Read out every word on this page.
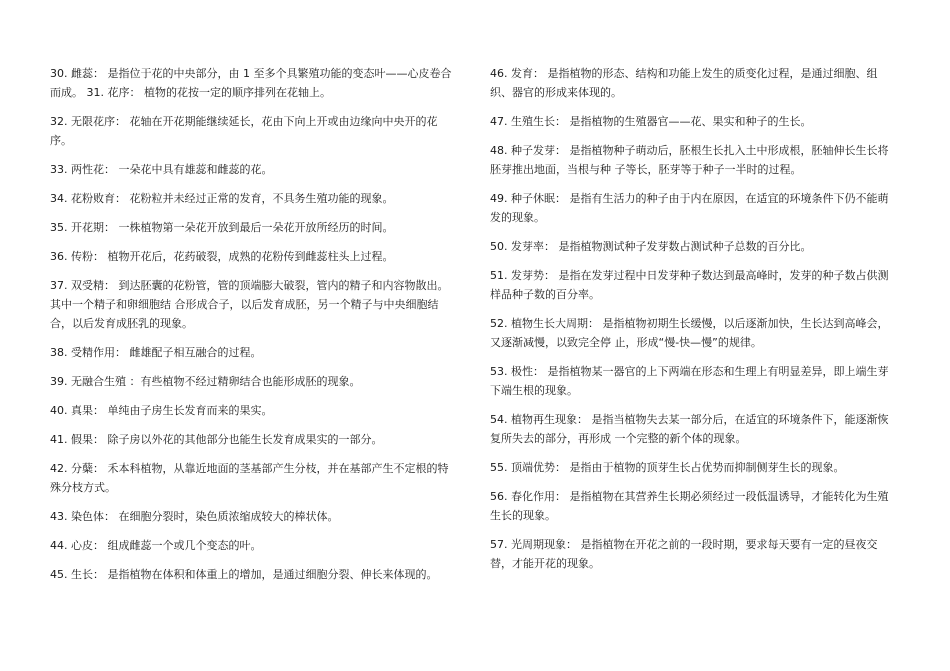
30. 雌蕊： 是指位于花的中央部分，由 1 至多个具繁殖功能的变态叶——心皮卷合而成。 31. 花序： 植物的花按一定的顺序排列在花轴上。

32. 无限花序： 花轴在开花期能继续延长，花由下向上开或由边缘向中央开的花序。

33. 两性花： 一朵花中具有雄蕊和雌蕊的花。

34. 花粉败育： 花粉粒并未经过正常的发育，不具务生殖功能的现象。

35. 开花期： 一株植物第一朵花开放到最后一朵花开放所经历的时间。

36. 传粉： 植物开花后，花药破裂，成熟的花粉传到雌蕊柱头上过程。

37. 双受精： 到达胚囊的花粉管，管的顶端膨大破裂，管内的精子和内容物散出。其中一个精子和卵细胞结 合形成合子，以后发育成胚，另一个精子与中央细胞结合，以后发育成胚乳的现象。

38. 受精作用： 雌雄配子相互融合的过程。

39. 无融合生殖 ：有些植物不经过精卵结合也能形成胚的现象。

40. 真果： 单纯由子房生长发育而来的果实。

41. 假果： 除子房以外花的其他部分也能生长发育成果实的一部分。

42. 分蘖： 禾本科植物，从靠近地面的茎基部产生分枝，并在基部产生不定根的特殊分枝方式。

43. 染色体： 在细胞分裂时，染色质浓缩成较大的棒状体。

44. 心皮： 组成雌蕊一个或几个变态的叶。

45. 生长： 是指植物在体积和体重上的增加，是通过细胞分裂、伸长来体现的。

46. 发育： 是指植物的形态、结构和功能上发生的质变化过程，是通过细胞、组织、器官的形成来体现的。

47. 生殖生长： 是指植物的生殖器官——花、果实和种子的生长。

48. 种子发芽： 是指植物种子萌动后，胚根生长扎入土中形成根，胚轴伸长生长将胚芽推出地面，当根与种 子等长，胚芽等于种子一半时的过程。

49. 种子休眠： 是指有生活力的种子由于内在原因，在适宜的环境条件下仍不能萌发的现象。

50. 发芽率： 是指植物测试种子发芽数占测试种子总数的百分比。

51. 发芽势： 是指在发芽过程中日发芽种子数达到最高峰时，发芽的种子数占供测样品种子数的百分率。

52. 植物生长大周期： 是指植物初期生长缓慢，以后逐渐加快，生长达到高峰会，又逐渐减慢，以致完全停 止，形成“慢-快—慢”的规律。

53. 极性： 是指植物某一器官的上下两端在形态和生理上有明显差异，即上端生芽下端生根的现象。

54. 植物再生现象： 是指当植物失去某一部分后，在适宜的环境条件下，能逐渐恢复所失去的部分，再形成 一个完整的新个体的现象。

55. 顶端优势： 是指由于植物的顶芽生长占优势而抑制侧芽生长的现象。

56. 春化作用： 是指植物在其营养生长期必须经过一段低温诱导，才能转化为生殖生长的现象。

57. 光周期现象： 是指植物在开花之前的一段时期，要求每天要有一定的昼夜交替，才能开花的现象。
